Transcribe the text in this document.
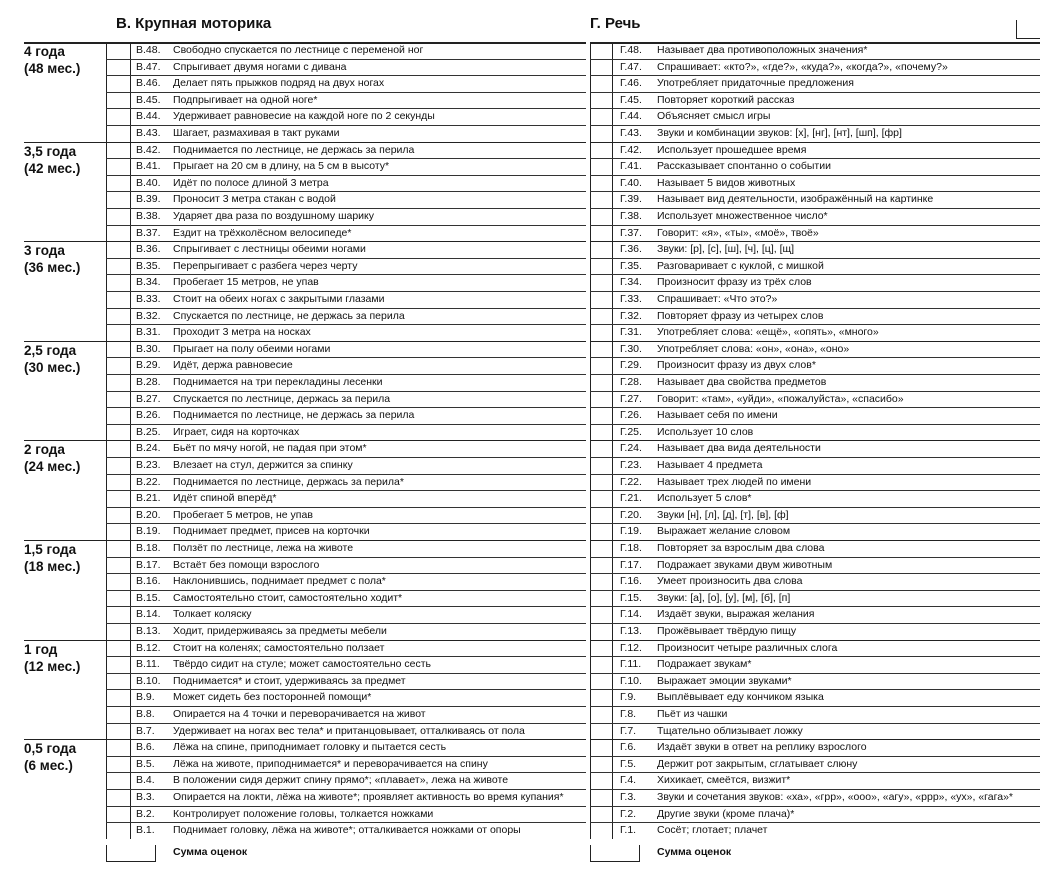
В. Крупная моторика	Г. Речь
4 года
(48 мес.)
В.48. Свободно спускается по лестнице с переменой ног
В.47. Спрыгивает двумя ногами с дивана
В.46. Делает пять прыжков подряд на двух ногах
В.45. Подпрыгивает на одной ноге*
В.44. Удерживает равновесие на каждой ноге по 2 секунды
В.43. Шагает, размахивая в такт руками
3,5 года
(42 мес.)
В.42. Поднимается по лестнице, не держась за перила
В.41. Прыгает на 20 см в длину, на 5 см в высоту*
В.40. Идёт по полосе длиной 3 метра
В.39. Проносит 3 метра стакан с водой
В.38. Ударяет два раза по воздушному шарику
В.37. Ездит на трёхколёсном велосипеде*
3 года
(36 мес.)
В.36. Спрыгивает с лестницы обеими ногами
В.35. Перепрыгивает с разбега через черту
В.34. Пробегает 15 метров, не упав
В.33. Стоит на обеих ногах с закрытыми глазами
В.32. Спускается по лестнице, не держась за перила
В.31. Проходит 3 метра на носках
2,5 года
(30 мес.)
В.30. Прыгает на полу обеими ногами
В.29. Идёт, держа равновесие
В.28. Поднимается на три перекладины лесенки
В.27. Спускается по лестнице, держась за перила
В.26. Поднимается по лестнице, не держась за перила
В.25. Играет, сидя на корточках
2 года
(24 мес.)
В.24. Бьёт по мячу ногой, не падая при этом*
В.23. Влезает на стул, держится за спинку
В.22. Поднимается по лестнице, держась за перила*
В.21. Идёт спиной вперёд*
В.20. Пробегает 5 метров, не упав
В.19. Поднимает предмет, присев на корточки
1,5 года
(18 мес.)
В.18. Ползёт по лестнице, лежа на животе
В.17. Встаёт без помощи взрослого
В.16. Наклонившись, поднимает предмет с пола*
В.15. Самостоятельно стоит, самостоятельно ходит*
В.14. Толкает коляску
В.13. Ходит, придерживаясь за предметы мебели
1 год
(12 мес.)
В.12. Стоит на коленях; самостоятельно ползает
В.11. Твёрдо сидит на стуле; может самостоятельно сесть
В.10. Поднимается* и стоит, удерживаясь за предмет
В.9. Может сидеть без посторонней помощи*
В.8. Опирается на 4 точки и переворачивается на живот
В.7. Удерживает на ногах вес тела* и пританцовывает, отталкиваясь от пола
0,5 года
(6 мес.)
В.6. Лёжа на спине, приподнимает головку и пытается сесть
В.5. Лёжа на животе, приподнимается* и переворачивается на спину
В.4. В положении сидя держит спину прямо*; «плавает», лежа на животе
В.3. Опирается на локти, лёжа на животе*; проявляет активность во время купания*
В.2. Контролирует положение головы, толкается ножками
В.1. Поднимает головку, лёжа на животе*; отталкивается ножками от опоры
Г.48. Называет два противоположных значения*
Г.47. Спрашивает: «кто?», «где?», «куда?», «когда?», «почему?»
Г.46. Употребляет придаточные предложения
Г.45. Повторяет короткий рассказ
Г.44. Объясняет смысл игры
Г.43. Звуки и комбинации звуков: [х], [нг], [нт], [шп], [фр]
Г.42. Использует прошедшее время
Г.41. Рассказывает спонтанно о событии
Г.40. Называет 5 видов животных
Г.39. Называет вид деятельности, изображённый на картинке
Г.38. Использует множественное число*
Г.37. Говорит: «я», «ты», «моё», твоё»
Г.36. Звуки: [р], [с], [ш], [ч], [ц], [щ]
Г.35. Разговаривает с куклой, с мишкой
Г.34. Произносит фразу из трёх слов
Г.33. Спрашивает: «Что это?»
Г.32. Повторяет фразу из четырех слов
Г.31. Употребляет слова: «ещё», «опять», «много»
Г.30. Употребляет слова: «он», «она», «оно»
Г.29. Произносит фразу из двух слов*
Г.28. Называет два свойства предметов
Г.27. Говорит: «там», «уйди», «пожалуйста», «спасибо»
Г.26. Называет себя по имени
Г.25. Использует 10 слов
Г.24. Называет два вида деятельности
Г.23. Называет 4 предмета
Г.22. Называет трех людей по имени
Г.21. Использует 5 слов*
Г.20. Звуки [н], [л], [д], [т], [в], [ф]
Г.19. Выражает желание словом
Г.18. Повторяет за взрослым два слова
Г.17. Подражает звуками двум животным
Г.16. Умеет произносить два слова
Г.15. Звуки: [а], [о], [у], [м], [б], [п]
Г.14. Издаёт звуки, выражая желания
Г.13. Прожёвывает твёрдую пищу
Г.12. Произносит четыре различных слога
Г.11. Подражает звукам*
Г.10. Выражает эмоции звуками*
Г.9. Выплёвывает еду кончиком языка
Г.8. Пьёт из чашки
Г.7. Тщательно облизывает ложку
Г.6. Издаёт звуки в ответ на реплику взрослого
Г.5. Держит рот закрытым, сглатывает слюну
Г.4. Хихикает, смеётся, визжит*
Г.3. Звуки и сочетания звуков: «ха», «грр», «ооо», «агу», «ррр», «ух», «гага»*
Г.2. Другие звуки (кроме плача)*
Г.1. Сосёт; глотает; плачет
Сумма оценок	Сумма оценок
